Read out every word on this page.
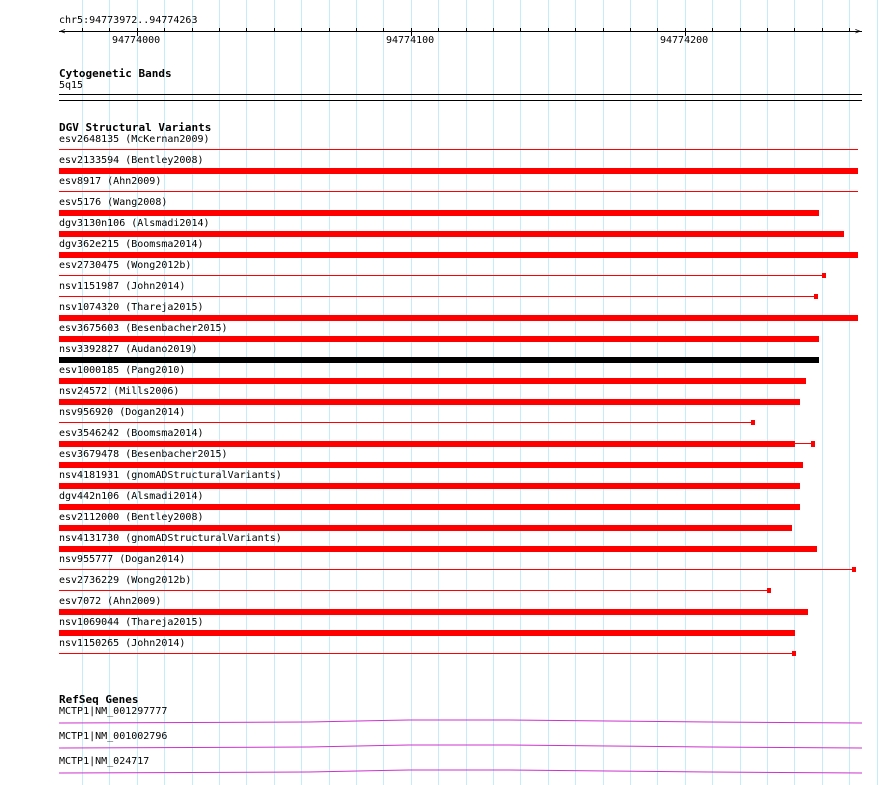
chr5:94773972..94774263
<	>
94774000	94774100	94774200
Cytogenetic Bands
5q15
DGV Structural Variants
esv2648135 (McKernan2009)
esv2133594 (Bentley2008)
esv8917 (Ahn2009)
esv5176 (Wang2008)
dgv3130n106 (Alsmadi2014)
dgv362e215 (Boomsma2014)
esv2730475 (Wong2012b)
nsv1151987 (John2014)
nsv1074320 (Thareja2015)
esv3675603 (Besenbacher2015)
nsv3392827 (Audano2019)
esv1000185 (Pang2010)
nsv24572 (Mills2006)
nsv956920 (Dogan2014)
esv3546242 (Boomsma2014)
esv3679478 (Besenbacher2015)
nsv4181931 (gnomADStructuralVariants)
dgv442n106 (Alsmadi2014)
esv2112000 (Bentley2008)
nsv4131730 (gnomADStructuralVariants)
nsv955777 (Dogan2014)
esv2736229 (Wong2012b)
esv7072 (Ahn2009)
nsv1069044 (Thareja2015)
nsv1150265 (John2014)
RefSeq Genes
MCTP1|NM_001297777
MCTP1|NM_001002796
MCTP1|NM_024717
